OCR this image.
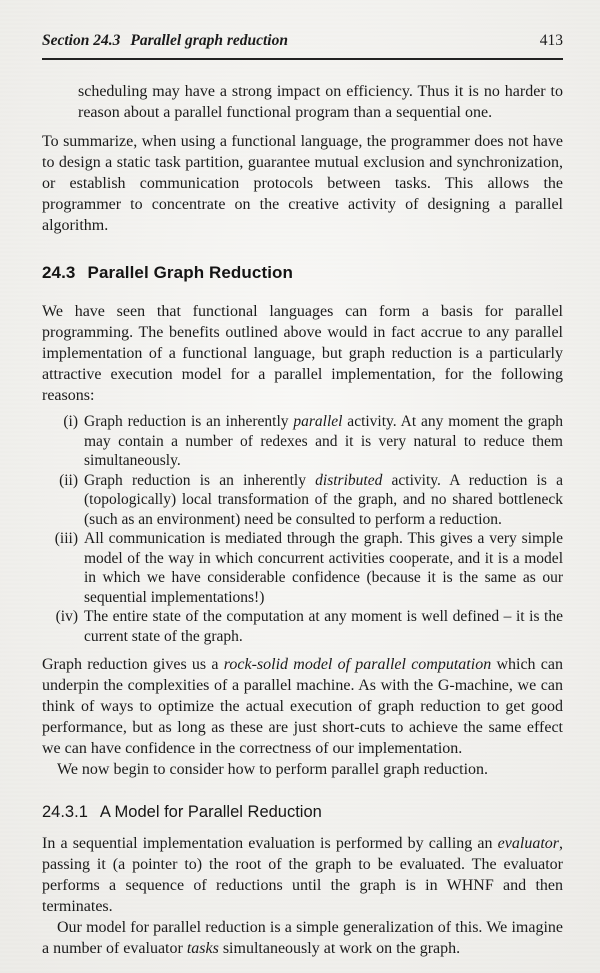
Section 24.3 Parallel graph reduction	413

scheduling may have a strong impact on efficiency. Thus it is no harder to reason about a parallel functional program than a sequential one.

To summarize, when using a functional language, the programmer does not have to design a static task partition, guarantee mutual exclusion and synchronization, or establish communication protocols between tasks. This allows the programmer to concentrate on the creative activity of designing a parallel algorithm.

24.3 Parallel Graph Reduction

We have seen that functional languages can form a basis for parallel programming. The benefits outlined above would in fact accrue to any parallel implementation of a functional language, but graph reduction is a particularly attractive execution model for a parallel implementation, for the following reasons:

(i) Graph reduction is an inherently parallel activity. At any moment the graph may contain a number of redexes and it is very natural to reduce them simultaneously.
(ii) Graph reduction is an inherently distributed activity. A reduction is a (topologically) local transformation of the graph, and no shared bottleneck (such as an environment) need be consulted to perform a reduction.
(iii) All communication is mediated through the graph. This gives a very simple model of the way in which concurrent activities cooperate, and it is a model in which we have considerable confidence (because it is the same as our sequential implementations!)
(iv) The entire state of the computation at any moment is well defined – it is the current state of the graph.

Graph reduction gives us a rock-solid model of parallel computation which can underpin the complexities of a parallel machine. As with the G-machine, we can think of ways to optimize the actual execution of graph reduction to get good performance, but as long as these are just short-cuts to achieve the same effect we can have confidence in the correctness of our implementation.

We now begin to consider how to perform parallel graph reduction.

24.3.1 A Model for Parallel Reduction

In a sequential implementation evaluation is performed by calling an evaluator, passing it (a pointer to) the root of the graph to be evaluated. The evaluator performs a sequence of reductions until the graph is in WHNF and then terminates.

Our model for parallel reduction is a simple generalization of this. We imagine a number of evaluator tasks simultaneously at work on the graph.
